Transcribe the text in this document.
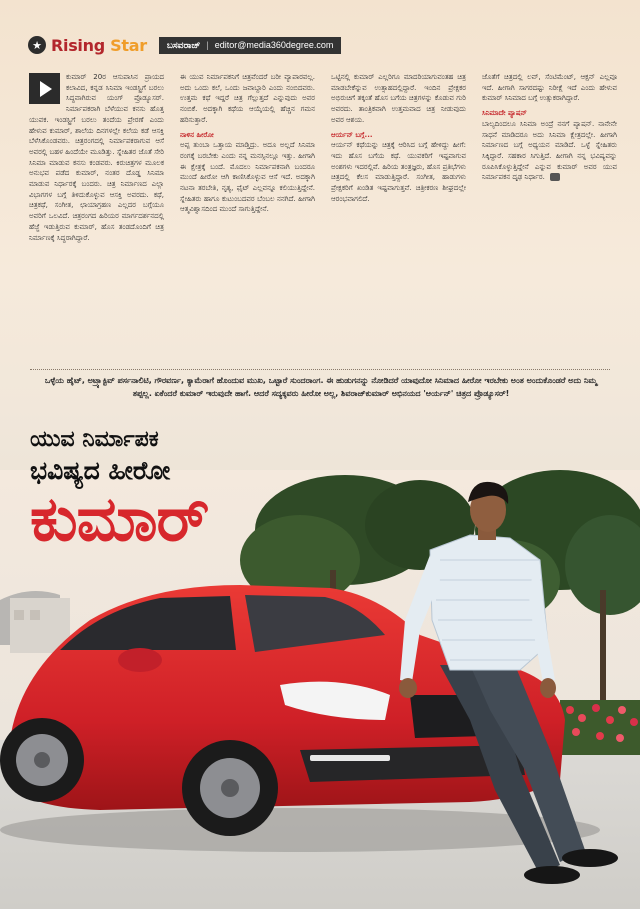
★ Rising Star ಬಸವರಾಜ್ | editor@media360degree.com
ಕುಮಾರ್ 20ರ ಆಸುಪಾಸಿನ ಪ್ರಾಯದ ಕಲಾವಿದ, ಕನ್ನಡ ಸಿನಿಮಾ ಇಂಡಸ್ಟ್ರಿಗೆ ಬರಲು ಸಿದ್ಧವಾಗಿರುವ ಯಂಗ್ ಪ್ರೊಡ್ಯೂಸರ್. ನಿರ್ಮಾಪಕರಾಗಿ ಬೆಳೆಯುವ ಕನಸು ಹೊತ್ತ ಯುವಕ. ಇಂಡಸ್ಟ್ರಿಗೆ ಬರಲು ತಂದೆಯ ಪ್ರೇರಣೆ ಎಂದು ಹೇಳುವ ಕುಮಾರ್, ಶಾಲೆಯ ದಿನಗಳಲ್ಲೇ ಕಲೆಯ ಕಡೆ ಆಸಕ್ತಿ ಬೆಳೆಸಿಕೊಂಡವರು. ಚಿತ್ರರಂಗದಲ್ಲಿ ನಿರ್ಮಾಪಕರಾಗುವ ಆಸೆ ಅವರಲ್ಲಿ ಬಹಳ ಹಿಂದೆಯೇ ಮೂಡಿತ್ತು. ಸ್ನೇಹಿತರ ಜೊತೆ ಸೇರಿ ಸಿನಿಮಾ ಮಾಡುವ ಕನಸು ಕಂಡವರು. ಕಿರುಚಿತ್ರಗಳ ಮೂಲಕ ಅನುಭವ ಪಡೆದ ಕುಮಾರ್, ನಂತರ ದೊಡ್ಡ ಸಿನಿಮಾ ಮಾಡುವ ನಿರ್ಧಾರಕ್ಕೆ ಬಂದರು. ಚಿತ್ರ ನಿರ್ಮಾಣದ ಎಲ್ಲಾ ವಿಭಾಗಗಳ ಬಗ್ಗೆ ತಿಳಿದುಕೊಳ್ಳುವ ಆಸಕ್ತಿ ಅವರದು. ಕಥೆ, ಚಿತ್ರಕಥೆ, ಸಂಗೀತ, ಛಾಯಾಗ್ರಹಣ ಎಲ್ಲದರ ಬಗ್ಗೆಯೂ ಅವರಿಗೆ ಒಲವಿದೆ. ಚಿತ್ರರಂಗದ ಹಿರಿಯರ ಮಾರ್ಗದರ್ಶನದಲ್ಲಿ ಹೆಜ್ಜೆ ಇಡುತ್ತಿರುವ ಕುಮಾರ್, ಹೊಸ ತಂಡದೊಂದಿಗೆ ಚಿತ್ರ ನಿರ್ಮಾಣಕ್ಕೆ ಸಿದ್ಧರಾಗಿದ್ದಾರೆ.
ಈ ಯುವ ನಿರ್ಮಾಪಕನಿಗೆ ಚಿತ್ರವೆಂದರೆ ಬರೀ ವ್ಯಾಪಾರವಲ್ಲ. ಅದು ಒಂದು ಕಲೆ, ಒಂದು ಜವಾಬ್ದಾರಿ ಎಂದು ನಂಬಿದವರು. ಉತ್ತಮ ಕಥೆ ಇದ್ದರೆ ಚಿತ್ರ ಗೆಲ್ಲುತ್ತದೆ ಎನ್ನುವುದು ಅವರ ನಂಬಿಕೆ. ಅದಕ್ಕಾಗಿ ಕಥೆಯ ಆಯ್ಕೆಯಲ್ಲಿ ಹೆಚ್ಚಿನ ಗಮನ ಹರಿಸುತ್ತಾರೆ.
ನಾಳಿನ ಹೀರೋ
ಅಪ್ಪ ತುಂಬಾ ಒತ್ತಾಯ ಮಾಡ್ತಿದ್ರು. ಅದೂ ಅಲ್ಲದೆ ಸಿನಿಮಾ ರಂಗಕ್ಕೆ ಬರಬೇಕು ಎಂದು ನನ್ನ ಮನಸ್ಸಿನಲ್ಲೂ ಇತ್ತು. ಹೀಗಾಗಿ ಈ ಕ್ಷೇತ್ರಕ್ಕೆ ಬಂದೆ. ಮೊದಲು ನಿರ್ಮಾಪಕನಾಗಿ ಬಂದರೂ ಮುಂದೆ ಹೀರೋ ಆಗಿ ಕಾಣಿಸಿಕೊಳ್ಳುವ ಆಸೆ ಇದೆ. ಅದಕ್ಕಾಗಿ ನಟನಾ ತರಬೇತಿ, ನೃತ್ಯ, ಫೈಟ್ ಎಲ್ಲವನ್ನೂ ಕಲಿಯುತ್ತಿದ್ದೇನೆ. ಸ್ನೇಹಿತರು ಹಾಗೂ ಕುಟುಂಬದವರ ಬೆಂಬಲ ನನಗಿದೆ. ಹೀಗಾಗಿ ಆತ್ಮವಿಶ್ವಾಸದಿಂದ ಮುಂದೆ ಸಾಗುತ್ತಿದ್ದೇನೆ.
ಒಟ್ಟಿನಲ್ಲಿ ಕುಮಾರ್ ಎಲ್ಲರಿಗೂ ಮಾದರಿಯಾಗುವಂತಹ ಚಿತ್ರ ಮಾಡಬೇಕೆನ್ನುವ ಉತ್ಸಾಹದಲ್ಲಿದ್ದಾರೆ. ಇಂದಿನ ಪ್ರೇಕ್ಷಕರ ಅಭಿರುಚಿಗೆ ತಕ್ಕಂತೆ ಹೊಸ ಬಗೆಯ ಚಿತ್ರಗಳನ್ನು ಕೊಡುವ ಗುರಿ ಅವರದು. ತಾಂತ್ರಿಕವಾಗಿ ಉತ್ತಮವಾದ ಚಿತ್ರ ನೀಡುವುದು ಅವರ ಆಶಯ.
ಆರ್ಯನ್ ಬಗ್ಗೆ...
ಆರ್ಯನ್ ಕಥೆಯನ್ನು ಚಿತ್ರಕ್ಕೆ ಆರಿಸಿದ ಬಗ್ಗೆ ಹೇಳಿದ್ದು ಹೀಗೆ: ಇದು ಹೊಸ ಬಗೆಯ ಕಥೆ. ಯುವಕರಿಗೆ ಇಷ್ಟವಾಗುವ ಅಂಶಗಳು ಇದರಲ್ಲಿವೆ. ಹಿರಿಯ ತಂತ್ರಜ್ಞರು, ಹೊಸ ಪ್ರತಿಭೆಗಳು ಚಿತ್ರದಲ್ಲಿ ಕೆಲಸ ಮಾಡುತ್ತಿದ್ದಾರೆ. ಸಂಗೀತ, ಹಾಡುಗಳು ಪ್ರೇಕ್ಷಕರಿಗೆ ಖಂಡಿತ ಇಷ್ಟವಾಗುತ್ತವೆ. ಚಿತ್ರೀಕರಣ ಶೀಘ್ರದಲ್ಲೇ ಆರಂಭವಾಗಲಿದೆ.
ಜೊತೆಗೆ ಚಿತ್ರದಲ್ಲಿ ಲವ್, ಸೆಂಟಿಮೆಂಟ್, ಆಕ್ಷನ್ ಎಲ್ಲವೂ ಇದೆ. ಹೀಗಾಗಿ ಸಾಗರದಷ್ಟು ನಿರೀಕ್ಷೆ ಇದೆ ಎಂದು ಹೇಳುವ ಕುಮಾರ್ ಸಿನಿಮಾದ ಬಗ್ಗೆ ಉತ್ಸುಕರಾಗಿದ್ದಾರೆ.
ಸಿನಿಮಾದೇ ಪ್ಯಾಷನ್
ಬಾಲ್ಯದಿಂದಲೂ ಸಿನಿಮಾ ಅಂದ್ರೆ ನನಗೆ ಪ್ಯಾಷನ್. ನಾನೇನೇ ಸಾಧನೆ ಮಾಡಿದರೂ ಅದು ಸಿನಿಮಾ ಕ್ಷೇತ್ರದಲ್ಲೇ. ಹೀಗಾಗಿ ನಿರ್ಮಾಣದ ಬಗ್ಗೆ ಅಧ್ಯಯನ ಮಾಡಿದೆ. ಒಳ್ಳೆ ಸ್ನೇಹಿತರು ಸಿಕ್ಕಿದ್ದಾರೆ. ಸಹಕಾರ ಸಿಗುತ್ತಿದೆ. ಹೀಗಾಗಿ ನನ್ನ ಭವಿಷ್ಯವನ್ನು ರೂಪಿಸಿಕೊಳ್ಳುತ್ತಿದ್ದೇನೆ ಎನ್ನುವ ಕುಮಾರ್ ಅವರ ಯುವ ನಿರ್ಮಾಪಕನ ದೃಢ ನಿರ್ಧಾರ.
ಒಳ್ಳೆಯ ಹೈಟ್, ಅಟ್ರ್ಯಾಕ್ಟಿವ್ ಪರ್ಸನಾಲಿಟಿ, ಗೌರವರ್ಣ, ಕ್ಯಾಮೆರಾಗೆ ಹೊಂದುವ ಮುಖ, ಒಟ್ಟಾರೆ ಸುಂದರಾಂಗ. ಈ ಹುಡುಗನನ್ನು ನೋಡಿದರೆ ಯಾವುದೋ ಸಿನಿಮಾದ ಹೀರೋ ಇರಬೇಕು ಅಂತ ಅಂದುಕೊಂಡರೆ ಅದು ನಿಮ್ಮ ತಪ್ಪಲ್ಲ. ಏಕೆಂದರೆ ಕುಮಾರ್ ಇರುವುದೇ ಹಾಗೆ. ಆದರೆ ಸದ್ಯಕ್ಕವರು ಹೀರೋ ಅಲ್ಲ, ಶಿವರಾಜ್‌ಕುಮಾರ್ ಅಭಿನಯದ 'ಆರ್ಯನ್' ಚಿತ್ರದ ಪ್ರೊಡ್ಯೂಸರ್!
ಯುವ ನಿರ್ಮಾಪಕ
ಭವಿಷ್ಯದ ಹೀರೋ
ಕುಮಾರ್
